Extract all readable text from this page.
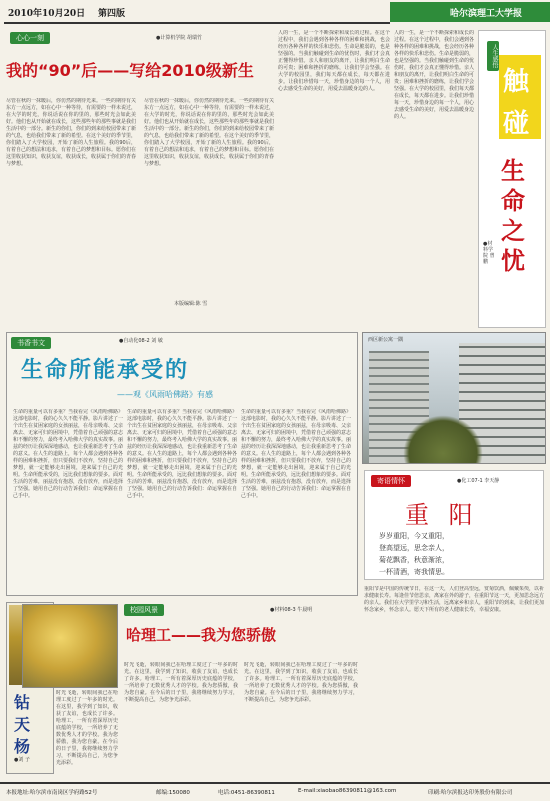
2010年10月20日 第四版	哈尔滨理工大学报
心心一刻	●计算机学院 胡瑞竹
我的“90”后——写给2010级新生
尽管在秋的一抹暖后，你仿然的期待光来。一些的期待有关东方一点远方，如在心中一种等待，有需要的一样未说过，在大学的时光，你说话说在你的里的，那些时光会如此美好。他们也从开始就在成长，这些那些年的那些事就是我们生活中的一部分。新生的你们，你们的到来给校园带来了新的气息，也给我们带来了新的希望。在这个美好的季节里，你们踏入了大学校园，开始了新的人生旅程。我的90后，有着自己的想法和追求，有着自己的梦想和目标。愿你们在这里收获知识，收获友谊，收获成长，收获属于你们的青春与梦想。
尽管在秋的一抹暖后，你仿然的期待光来。一些的期待有关东方一点远方，如在心中一种等待，有需要的一样未说过，在大学的时光，你说话说在你的里的，那些时光会如此美好。他们也从开始就在成长，这些那些年的那些事就是我们生活中的一部分。新生的你们，你们的到来给校园带来了新的气息，也给我们带来了新的希望。在这个美好的季节里，你们踏入了大学校园，开始了新的人生旅程。我的90后，有着自己的想法和追求，有着自己的梦想和目标。愿你们在这里收获知识，收获友谊，收获成长，收获属于你们的青春与梦想。
本版编辑:陈 雪
人的一生，是一个不断探索和成长的过程。在这个过程中，我们会遇到各种各样的困难和挑战，也会经历各种各样的快乐和悲伤。生命是脆弱的，也是坚强的。当我们触碰到生命的忧伤时，我们才会真正懂得珍惜。亲人和朋友的离开，让我们明白生命的可贵；困难和挫折的磨练，让我们学会坚强。在大学的校园里，我们每天都在成长，每天都在进步。让我们珍惜每一天，珍惜身边的每一个人，用心去感受生命的美好，用爱去温暖身边的人。
人的一生，是一个不断探索和成长的过程。在这个过程中，我们会遇到各种各样的困难和挑战，也会经历各种各样的快乐和悲伤。生命是脆弱的，也是坚强的。当我们触碰到生命的忧伤时，我们才会真正懂得珍惜。亲人和朋友的离开，让我们明白生命的可贵；困难和挫折的磨练，让我们学会坚强。在大学的校园里，我们每天都在成长，每天都在进步。让我们珍惜每一天，珍惜身边的每一个人，用心去感受生命的美好，用爱去温暖身边的人。
人生感悟
触
碰
生
命
之
忧
●材料学院 曾鹏
书香书文	●自动化08-2 刘 敏
生命所能承受的
——观《风雨哈佛路》有感
生命的重量可以有多重？当我看完《风雨哈佛路》这部电影时，我的心久久不能平静。影片讲述了一个出生在贫困家庭的女孩丽兹，在母亲吸毒、父亲离去、无家可归的困境中，凭借着自己顽强的意志和不懈的努力，最终考入哈佛大学的真实故事。丽兹的经历让我深深地感动，也让我重新思考了生命的意义。在人生的道路上，每个人都会遇到各种各样的困难和挫折，但只要我们不放弃，坚持自己的梦想，就一定能够走出困境，迎来属于自己的光明。生命所能承受的，远比我们想象的要多。面对生活的苦难，丽兹没有抱怨，没有放弃，而是选择了坚强。她用自己的行动告诉我们：命运掌握在自己手中。
生命的重量可以有多重？当我看完《风雨哈佛路》这部电影时，我的心久久不能平静。影片讲述了一个出生在贫困家庭的女孩丽兹，在母亲吸毒、父亲离去、无家可归的困境中，凭借着自己顽强的意志和不懈的努力，最终考入哈佛大学的真实故事。丽兹的经历让我深深地感动，也让我重新思考了生命的意义。在人生的道路上，每个人都会遇到各种各样的困难和挫折，但只要我们不放弃，坚持自己的梦想，就一定能够走出困境，迎来属于自己的光明。生命所能承受的，远比我们想象的要多。面对生活的苦难，丽兹没有抱怨，没有放弃，而是选择了坚强。她用自己的行动告诉我们：命运掌握在自己手中。
生命的重量可以有多重？当我看完《风雨哈佛路》这部电影时，我的心久久不能平静。影片讲述了一个出生在贫困家庭的女孩丽兹，在母亲吸毒、父亲离去、无家可归的困境中，凭借着自己顽强的意志和不懈的努力，最终考入哈佛大学的真实故事。丽兹的经历让我深深地感动，也让我重新思考了生命的意义。在人生的道路上，每个人都会遇到各种各样的困难和挫折，但只要我们不放弃，坚持自己的梦想，就一定能够走出困境，迎来属于自己的光明。生命所能承受的，远比我们想象的要多。面对生活的苦难，丽兹没有抱怨，没有放弃，而是选择了坚强。她用自己的行动告诉我们：命运掌握在自己手中。
西区新公寓一隅
寄语情怀	●化工07-1 李天静
重 阳
岁岁重阳，今又重阳，
登高望远，思念亲人，
菊花飘香，秋意渐浓，
一杯清酒，寄我情思。
重阳节是中国的传统节日，在这一天，人们登高望远，赏菊饮酒，佩戴茱萸，以祈求健康长寿。每逢佳节倍思亲，离家在外的游子，在重阳节这一天，更加思念远方的亲人。我们在大学里学习和生活，远离家乡和亲人，重阳节的到来，让我们更加怀念家乡，怀念亲人。愿天下所有的老人健康长寿，幸福安康。
钻
天
杨
●刘 子
时光飞逝，转眼间我已在哈理工度过了一年多的时光。在这里，我学到了知识，收获了友谊，也成长了许多。哈理工，一所有着深厚历史底蕴的学校，一所培养了无数优秀人才的学校。我为您骄傲，我为您自豪。在今后的日子里，我将继续努力学习，不断提高自己，为您争光添彩。
校园风景	●材料08-3 牛晨明
哈理工——我为您骄傲
时光飞逝，转眼间我已在哈理工度过了一年多的时光。在这里，我学到了知识，收获了友谊，也成长了许多。哈理工，一所有着深厚历史底蕴的学校，一所培养了无数优秀人才的学校。我为您骄傲，我为您自豪。在今后的日子里，我将继续努力学习，不断提高自己，为您争光添彩。
时光飞逝，转眼间我已在哈理工度过了一年多的时光。在这里，我学到了知识，收获了友谊，也成长了许多。哈理工，一所有着深厚历史底蕴的学校，一所培养了无数优秀人才的学校。我为您骄傲，我为您自豪。在今后的日子里，我将继续努力学习，不断提高自己，为您争光添彩。
本报地址:哈尔滨市南岗区学府路52号	邮编:150080	电话:0451-86390811	E-mail:xiaobao86390811@163.com	印刷:哈尔滨报达印务股份有限公司
